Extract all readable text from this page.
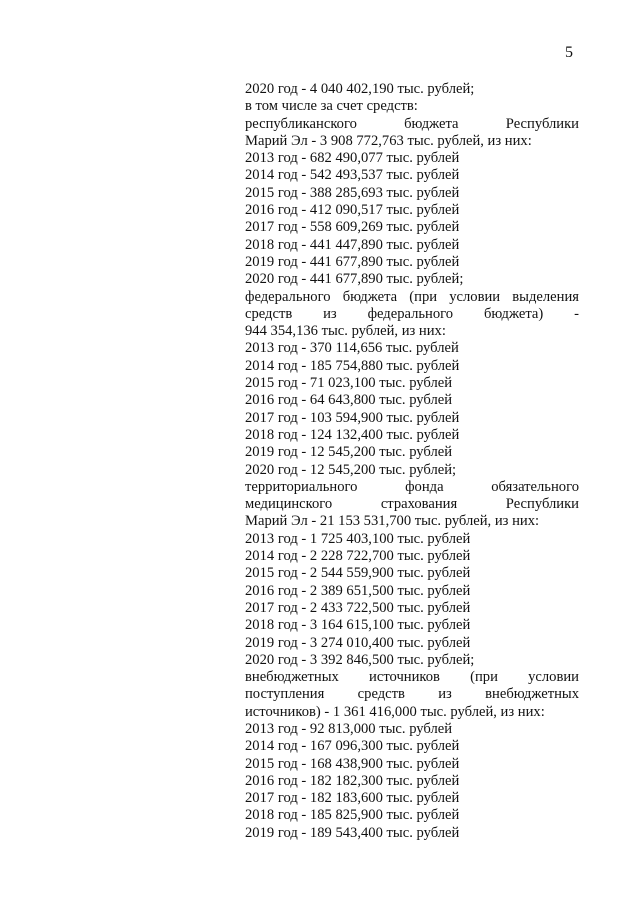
5
2020 год - 4 040 402,190 тыс. рублей;
в том числе за счет средств:
республиканского	бюджета	Республики
Марий Эл - 3 908 772,763 тыс. рублей, из них:
2013 год - 682 490,077 тыс. рублей
2014 год - 542 493,537 тыс. рублей
2015 год - 388 285,693 тыс. рублей
2016 год - 412 090,517 тыс. рублей
2017 год - 558 609,269 тыс. рублей
2018 год - 441 447,890 тыс. рублей
2019 год - 441 677,890 тыс. рублей
2020 год - 441 677,890 тыс. рублей;
федерального бюджета (при условии выделения
средств из федерального бюджета) -
944 354,136 тыс. рублей, из них:
2013 год - 370 114,656 тыс. рублей
2014 год - 185 754,880 тыс. рублей
2015 год - 71 023,100 тыс. рублей
2016 год - 64 643,800 тыс. рублей
2017 год - 103 594,900 тыс. рублей
2018 год - 124 132,400 тыс. рублей
2019 год - 12 545,200 тыс. рублей
2020 год - 12 545,200 тыс. рублей;
территориального	фонда	обязательного
медицинского	страхования	Республики
Марий Эл - 21 153 531,700 тыс. рублей, из них:
2013 год - 1 725 403,100 тыс. рублей
2014 год - 2 228 722,700 тыс. рублей
2015 год - 2 544 559,900 тыс. рублей
2016 год - 2 389 651,500 тыс. рублей
2017 год - 2 433 722,500 тыс. рублей
2018 год - 3 164 615,100 тыс. рублей
2019 год - 3 274 010,400 тыс. рублей
2020 год - 3 392 846,500 тыс. рублей;
внебюджетных источников (при условии
поступления средств из внебюджетных
источников) - 1 361 416,000 тыс. рублей, из них:
2013 год - 92 813,000 тыс. рублей
2014 год - 167 096,300 тыс. рублей
2015 год - 168 438,900 тыс. рублей
2016 год - 182 182,300 тыс. рублей
2017 год - 182 183,600 тыс. рублей
2018 год - 185 825,900 тыс. рублей
2019 год - 189 543,400 тыс. рублей
